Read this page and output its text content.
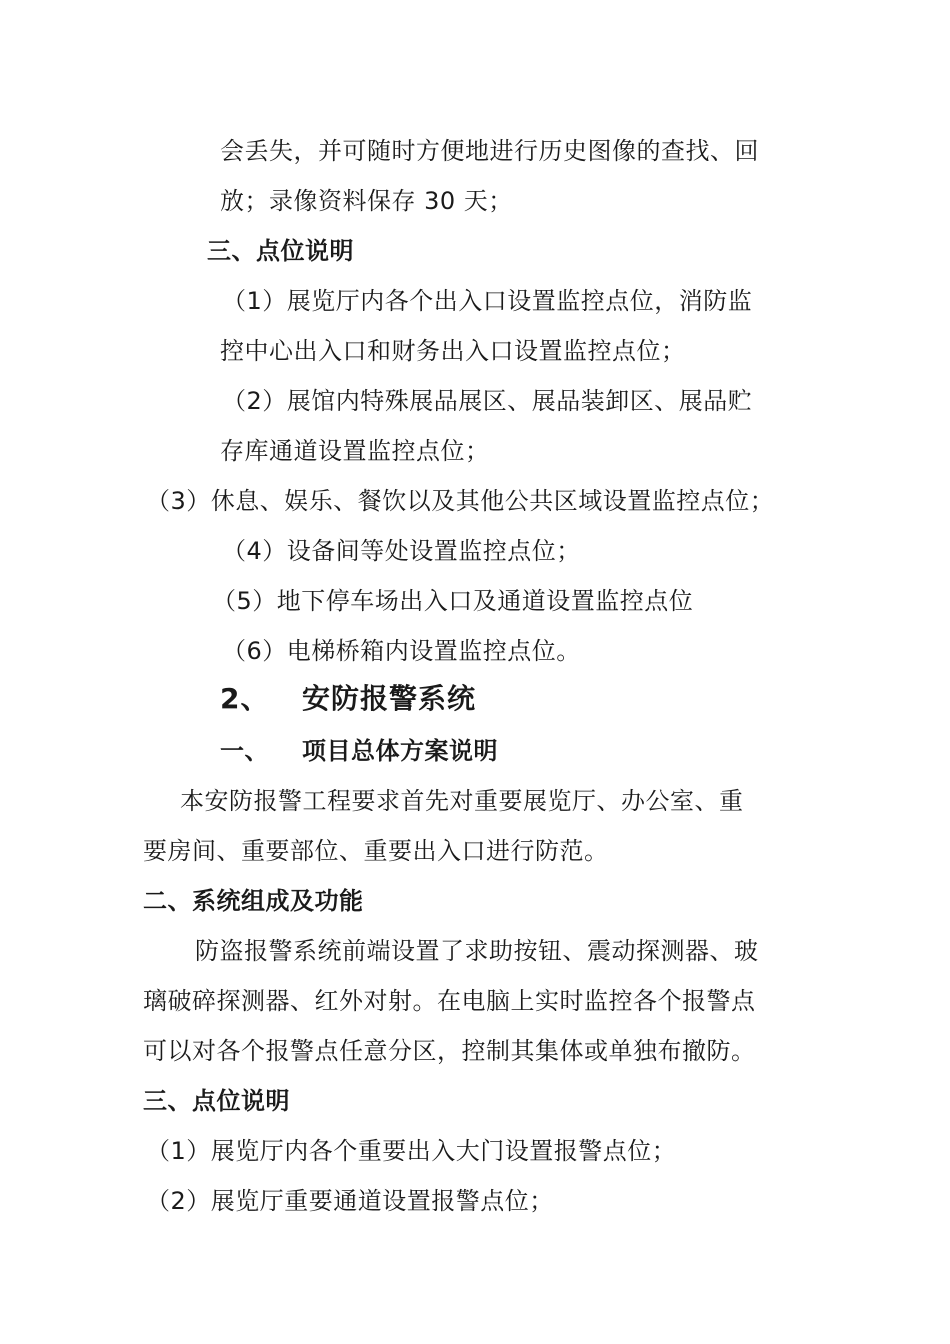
会丢失，并可随时方便地进行历史图像的查找、回
放；录像资料保存 30 天；
三、点位说明
（1）展览厅内各个出入口设置监控点位，消防监
控中心出入口和财务出入口设置监控点位；
（2）展馆内特殊展品展区、展品装卸区、展品贮
存库通道设置监控点位；
（3）休息、娱乐、餐饮以及其他公共区域设置监控点位；
（4）设备间等处设置监控点位；
（5）地下停车场出入口及通道设置监控点位
（6）电梯桥箱内设置监控点位。
2、 安防报警系统
一、 项目总体方案说明
本安防报警工程要求首先对重要展览厅、办公室、重
要房间、重要部位、重要出入口进行防范。
二、系统组成及功能
防盗报警系统前端设置了求助按钮、震动探测器、玻
璃破碎探测器、红外对射。在电脑上实时监控各个报警点
可以对各个报警点任意分区，控制其集体或单独布撤防。
三、点位说明
（1）展览厅内各个重要出入大门设置报警点位；
（2）展览厅重要通道设置报警点位；
